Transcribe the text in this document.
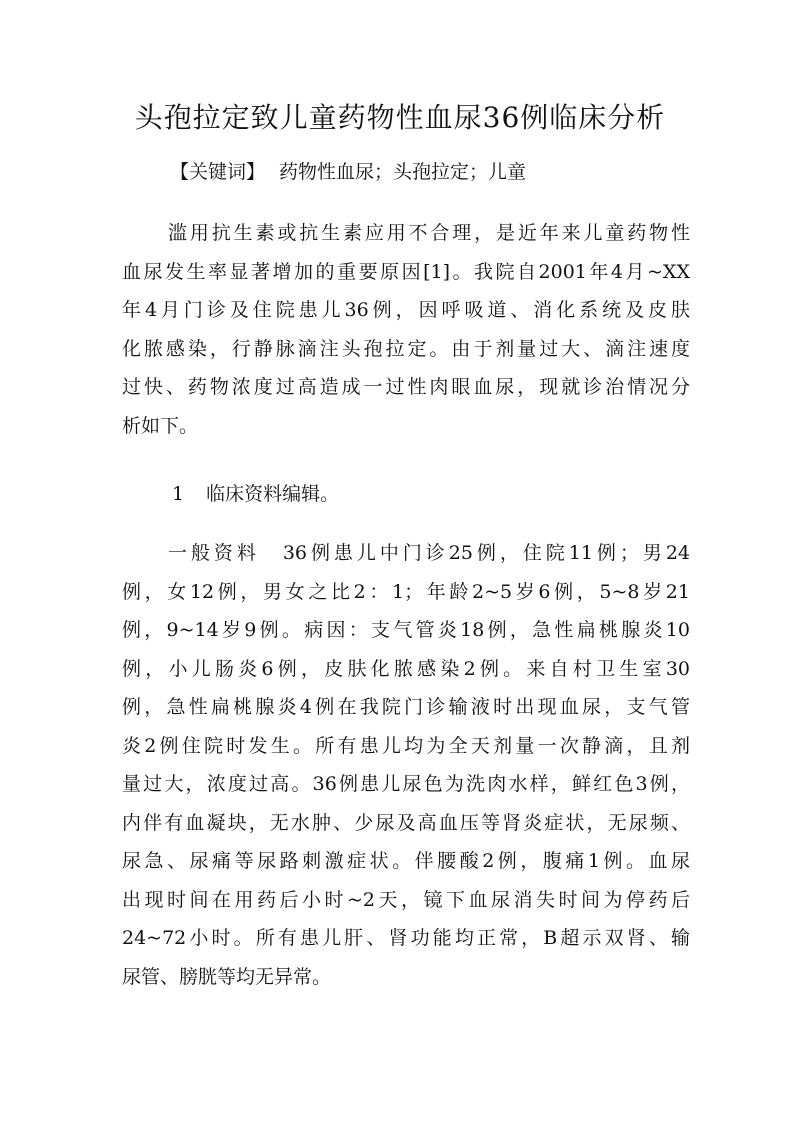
头孢拉定致儿童药物性血尿36例临床分析
【关键词】 药物性血尿；头孢拉定；儿童
滥用抗生素或抗生素应用不合理，是近年来儿童药物性
血尿发生率显著增加的重要原因[1]。我院自2001年4月~XX
年4月门诊及住院患儿36例，因呼吸道、消化系统及皮肤
化脓感染，行静脉滴注头孢拉定。由于剂量过大、滴注速度
过快、药物浓度过高造成一过性肉眼血尿，现就诊治情况分
析如下。
1 临床资料编辑。
一般资料　36例患儿中门诊25例，住院11例；男24
例，女12例，男女之比2：1；年龄2~5岁6例，5~8岁21
例，9~14岁9例。病因：支气管炎18例，急性扁桃腺炎10
例，小儿肠炎6例，皮肤化脓感染2例。来自村卫生室30
例，急性扁桃腺炎4例在我院门诊输液时出现血尿，支气管
炎2例住院时发生。所有患儿均为全天剂量一次静滴，且剂
量过大，浓度过高。36例患儿尿色为洗肉水样，鲜红色3例，
内伴有血凝块，无水肿、少尿及高血压等肾炎症状，无尿频、
尿急、尿痛等尿路刺激症状。伴腰酸2例，腹痛1例。血尿
出现时间在用药后小时~2天，镜下血尿消失时间为停药后
24~72小时。所有患儿肝、肾功能均正常，B超示双肾、输
尿管、膀胱等均无异常。
